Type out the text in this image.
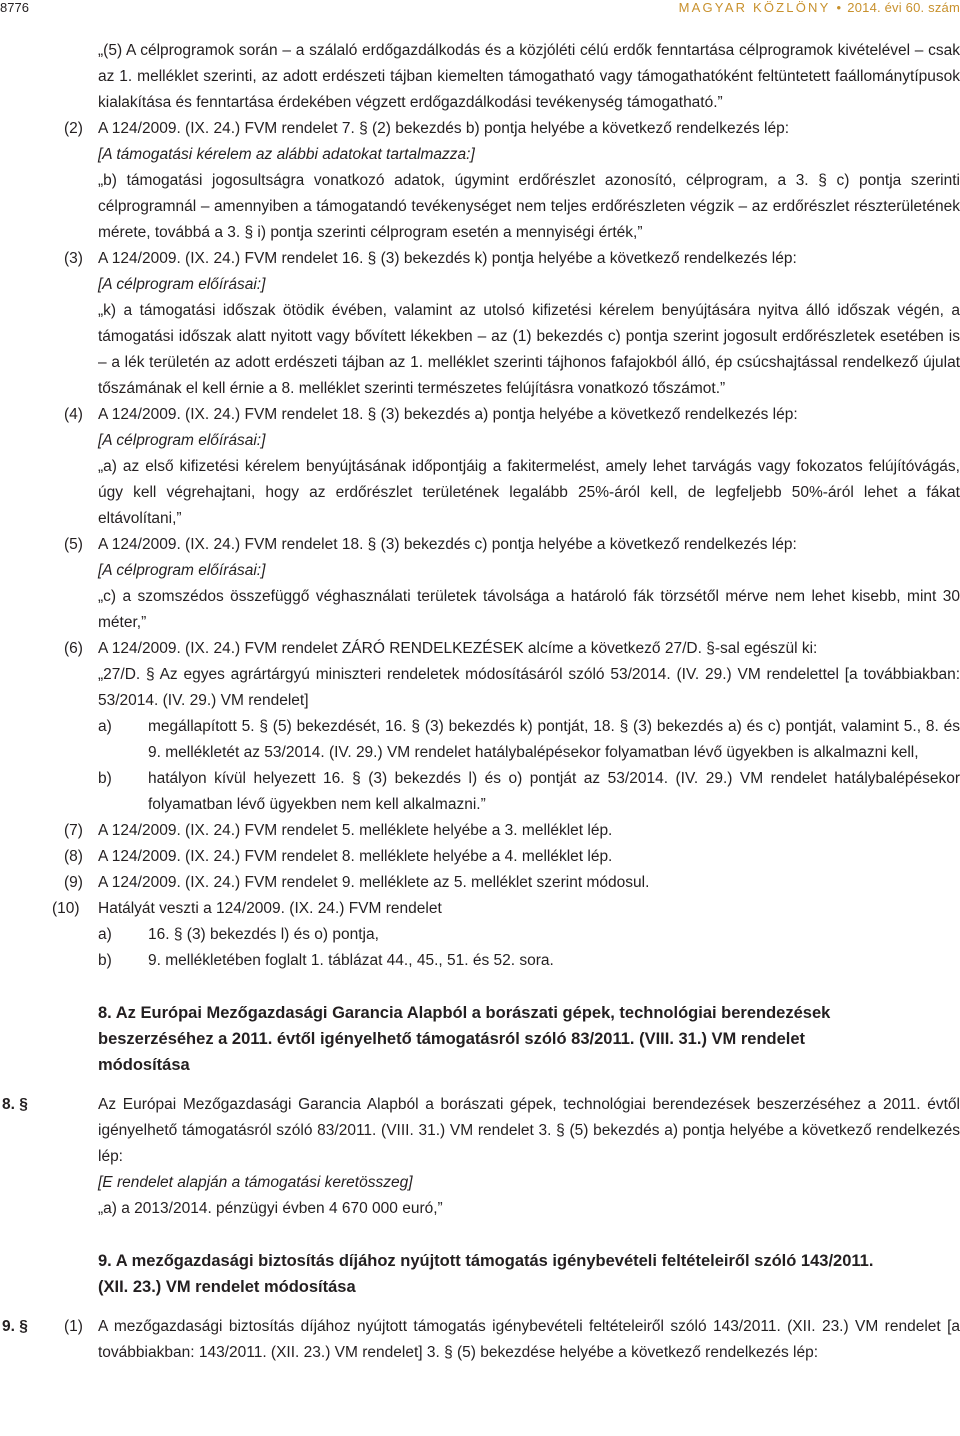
8776	MAGYAR KÖZLÖNY • 2014. évi 60. szám

„(5) A célprogramok során – a szálaló erdőgazdálkodás és a közjóléti célú erdők fenntartása célprogramok kivételével – csak az 1. melléklet szerinti, az adott erdészeti tájban kiemelten támogatható vagy támogathatóként feltüntetett faállománytípusok kialakítása és fenntartása érdekében végzett erdőgazdálkodási tevékenység támogatható.”

(2) A 124/2009. (IX. 24.) FVM rendelet 7. § (2) bekezdés b) pontja helyébe a következő rendelkezés lép:

[A támogatási kérelem az alábbi adatokat tartalmazza:]

„b) támogatási jogosultságra vonatkozó adatok, úgymint erdőrészlet azonosító, célprogram, a 3. § c) pontja szerinti célprogramnál – amennyiben a támogatandó tevékenységet nem teljes erdőrészleten végzik – az erdőrészlet részterületének mérete, továbbá a 3. § i) pontja szerinti célprogram esetén a mennyiségi érték,”

(3) A 124/2009. (IX. 24.) FVM rendelet 16. § (3) bekezdés k) pontja helyébe a következő rendelkezés lép:

[A célprogram előírásai:]

„k) a támogatási időszak ötödik évében, valamint az utolsó kifizetési kérelem benyújtására nyitva álló időszak végén, a támogatási időszak alatt nyitott vagy bővített lékekben – az (1) bekezdés c) pontja szerint jogosult erdőrészletek esetében is – a lék területén az adott erdészeti tájban az 1. melléklet szerinti tájhonos fafajokból álló, ép csúcshajtással rendelkező újulat tőszámának el kell érnie a 8. melléklet szerinti természetes felújításra vonatkozó tőszámot.”

(4) A 124/2009. (IX. 24.) FVM rendelet 18. § (3) bekezdés a) pontja helyébe a következő rendelkezés lép:

[A célprogram előírásai:]

„a) az első kifizetési kérelem benyújtásának időpontjáig a fakitermelést, amely lehet tarvágás vagy fokozatos felújítóvágás, úgy kell végrehajtani, hogy az erdőrészlet területének legalább 25%-áról kell, de legfeljebb 50%-áról lehet a fákat eltávolítani,”

(5) A 124/2009. (IX. 24.) FVM rendelet 18. § (3) bekezdés c) pontja helyébe a következő rendelkezés lép:

[A célprogram előírásai:]

„c) a szomszédos összefüggő véghasználati területek távolsága a határoló fák törzsétől mérve nem lehet kisebb, mint 30 méter,”

(6) A 124/2009. (IX. 24.) FVM rendelet ZÁRÓ RENDELKEZÉSEK alcíme a következő 27/D. §-sal egészül ki:

„27/D. § Az egyes agrártárgyú miniszteri rendeletek módosításáról szóló 53/2014. (IV. 29.) VM rendelettel [a továbbiakban: 53/2014. (IV. 29.) VM rendelet]

a) megállapított 5. § (5) bekezdését, 16. § (3) bekezdés k) pontját, 18. § (3) bekezdés a) és c) pontját, valamint 5., 8. és 9. mellékletét az 53/2014. (IV. 29.) VM rendelet hatálybalépésekor folyamatban lévő ügyekben is alkalmazni kell,

b) hatályon kívül helyezett 16. § (3) bekezdés l) és o) pontját az 53/2014. (IV. 29.) VM rendelet hatálybalépésekor folyamatban lévő ügyekben nem kell alkalmazni.”

(7) A 124/2009. (IX. 24.) FVM rendelet 5. melléklete helyébe a 3. melléklet lép.

(8) A 124/2009. (IX. 24.) FVM rendelet 8. melléklete helyébe a 4. melléklet lép.

(9) A 124/2009. (IX. 24.) FVM rendelet 9. melléklete az 5. melléklet szerint módosul.

(10) Hatályát veszti a 124/2009. (IX. 24.) FVM rendelet

a) 16. § (3) bekezdés l) és o) pontja,

b) 9. mellékletében foglalt 1. táblázat 44., 45., 51. és 52. sora.

8. Az Európai Mezőgazdasági Garancia Alapból a borászati gépek, technológiai berendezések beszerzéséhez a 2011. évtől igényelhető támogatásról szóló 83/2011. (VIII. 31.) VM rendelet módosítása
8. §	Az Európai Mezőgazdasági Garancia Alapból a borászati gépek, technológiai berendezések beszerzéséhez a 2011. évtől igényelhető támogatásról szóló 83/2011. (VIII. 31.) VM rendelet 3. § (5) bekezdés a) pontja helyébe a következő rendelkezés lép:

[E rendelet alapján a támogatási keretösszeg]

„a) a 2013/2014. pénzügyi évben 4 670 000 euró,”

9. A mezőgazdasági biztosítás díjához nyújtott támogatás igénybevételi feltételeiről szóló 143/2011. (XII. 23.) VM rendelet módosítása
9. § (1) A mezőgazdasági biztosítás díjához nyújtott támogatás igénybevételi feltételeiről szóló 143/2011. (XII. 23.) VM rendelet [a továbbiakban: 143/2011. (XII. 23.) VM rendelet] 3. § (5) bekezdése helyébe a következő rendelkezés lép:
